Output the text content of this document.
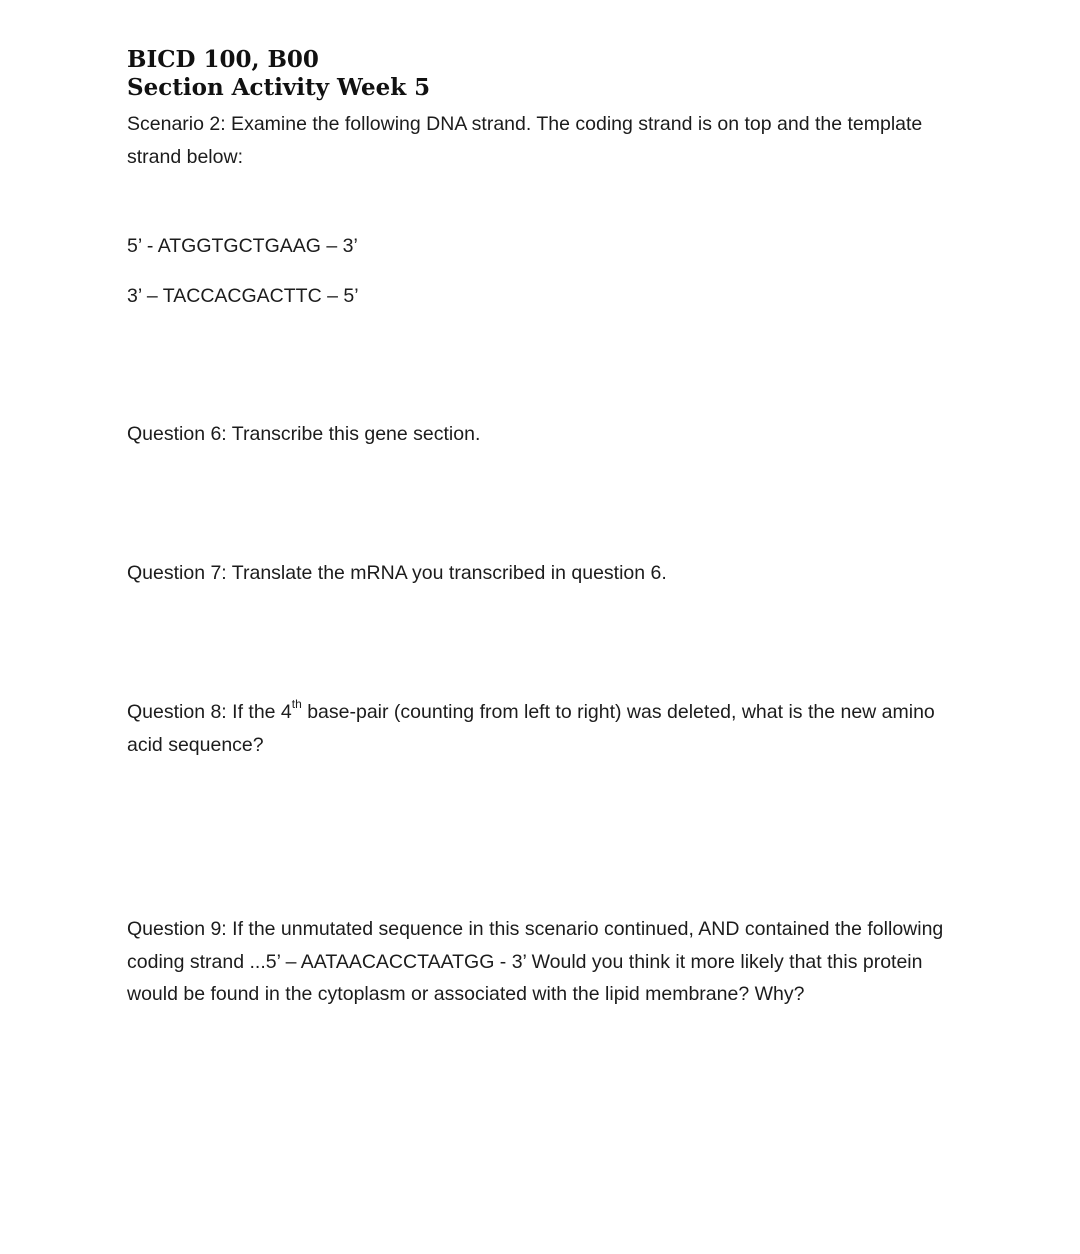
BICD 100, B00
Section Activity Week 5
Scenario 2: Examine the following DNA strand. The coding strand is on top and the template strand below:
5’ - ATGGTGCTGAAG – 3’
3’ – TACCACGACTTC – 5’
Question 6: Transcribe this gene section.
Question 7: Translate the mRNA you transcribed in question 6.
Question 8: If the 4th base-pair (counting from left to right) was deleted, what is the new amino acid sequence?
Question 9: If the unmutated sequence in this scenario continued, AND contained the following coding strand ...5’ – AATAACACCTAATGG - 3’ Would you think it more likely that this protein would be found in the cytoplasm or associated with the lipid membrane? Why?
